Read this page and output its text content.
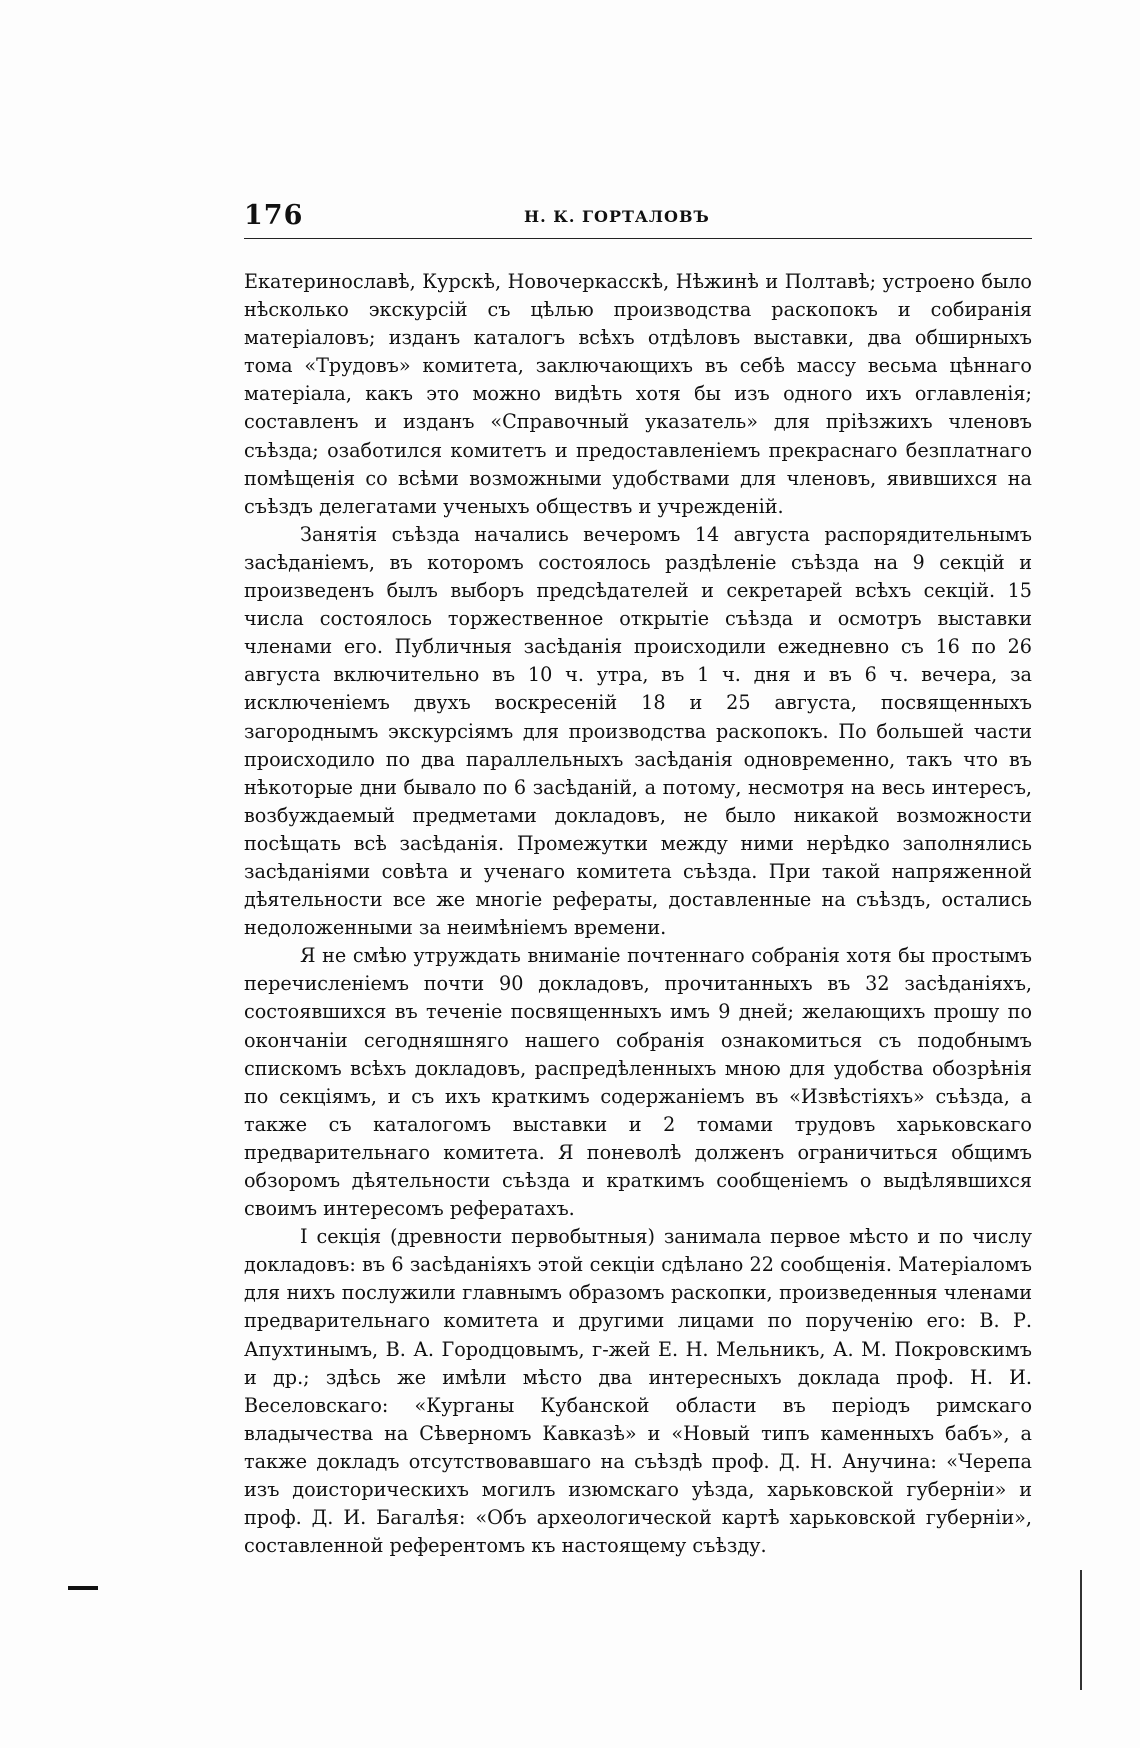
176	Н. К. ГОРТАЛОВЪ

Екатеринославѣ, Курскѣ, Новочеркасскѣ, Нѣжинѣ и Полтавѣ; устроено было нѣсколько экскурсій съ цѣлью производства раскопокъ и собиранія матеріаловъ; изданъ каталогъ всѣхъ отдѣловъ выставки, два обширныхъ тома «Трудовъ» комитета, заключающихъ въ себѣ массу весьма цѣннаго матеріала, какъ это можно видѣть хотя бы изъ одного ихъ оглавленія; составленъ и изданъ «Справочный указатель» для пріѣзжихъ членовъ съѣзда; озаботился комитетъ и предоставленіемъ прекраснаго безплатнаго помѣщенія со всѣми возможными удобствами для членовъ, явившихся на съѣздъ делегатами ученыхъ обществъ и учрежденій.

Занятія съѣзда начались вечеромъ 14 августа распорядительнымъ засѣданіемъ, въ которомъ состоялось раздѣленіе съѣзда на 9 секцій и произведенъ былъ выборъ предсѣдателей и секретарей всѣхъ секцій. 15 числа состоялось торжественное открытіе съѣзда и осмотръ выставки членами его. Публичныя засѣданія происходили ежедневно съ 16 по 26 августа включительно въ 10 ч. утра, въ 1 ч. дня и въ 6 ч. вечера, за исключеніемъ двухъ воскресеній 18 и 25 августа, посвященныхъ загороднымъ экскурсіямъ для производства раскопокъ. По большей части происходило по два параллельныхъ засѣданія одновременно, такъ что въ нѣкоторые дни бывало по 6 засѣданій, а потому, несмотря на весь интересъ, возбуждаемый предметами докладовъ, не было никакой возможности посѣщать всѣ засѣданія. Промежутки между ними нерѣдко заполнялись засѣданіями совѣта и ученаго комитета съѣзда. При такой напряженной дѣятельности все же многіе рефераты, доставленные на съѣздъ, остались недоложенными за неимѣніемъ времени.

Я не смѣю утруждать вниманіе почтеннаго собранія хотя бы простымъ перечисленіемъ почти 90 докладовъ, прочитанныхъ въ 32 засѣданіяхъ, состоявшихся въ теченіе посвященныхъ имъ 9 дней; желающихъ прошу по окончаніи сегодняшняго нашего собранія ознакомиться съ подобнымъ спискомъ всѣхъ докладовъ, распредѣленныхъ мною для удобства обозрѣнія по секціямъ, и съ ихъ краткимъ содержаніемъ въ «Извѣстіяхъ» съѣзда, а также съ каталогомъ выставки и 2 томами трудовъ харьковскаго предварительнаго комитета. Я поневолѣ долженъ ограничиться общимъ обзоромъ дѣятельности съѣзда и краткимъ сообщеніемъ о выдѣлявшихся своимъ интересомъ рефератахъ.

I секція (древности первобытныя) занимала первое мѣсто и по числу докладовъ: въ 6 засѣданіяхъ этой секціи сдѣлано 22 сообщенія. Матеріаломъ для нихъ послужили главнымъ образомъ раскопки, произведенныя членами предварительнаго комитета и другими лицами по порученію его: В. Р. Апухтинымъ, В. А. Городцовымъ, г-жей Е. Н. Мельникъ, А. М. Покровскимъ и др.; здѣсь же имѣли мѣсто два интересныхъ доклада проф. Н. И. Веселовскаго: «Курганы Кубанской области въ періодъ римскаго владычества на Сѣверномъ Кавказѣ» и «Новый типъ каменныхъ бабъ», а также докладъ отсутствовавшаго на съѣздѣ проф. Д. Н. Анучина: «Черепа изъ доисторическихъ могилъ изюмскаго уѣзда, харьковской губерніи» и проф. Д. И. Багалѣя: «Объ археологической картѣ харьковской губерніи», составленной референтомъ къ настоящему съѣзду.
